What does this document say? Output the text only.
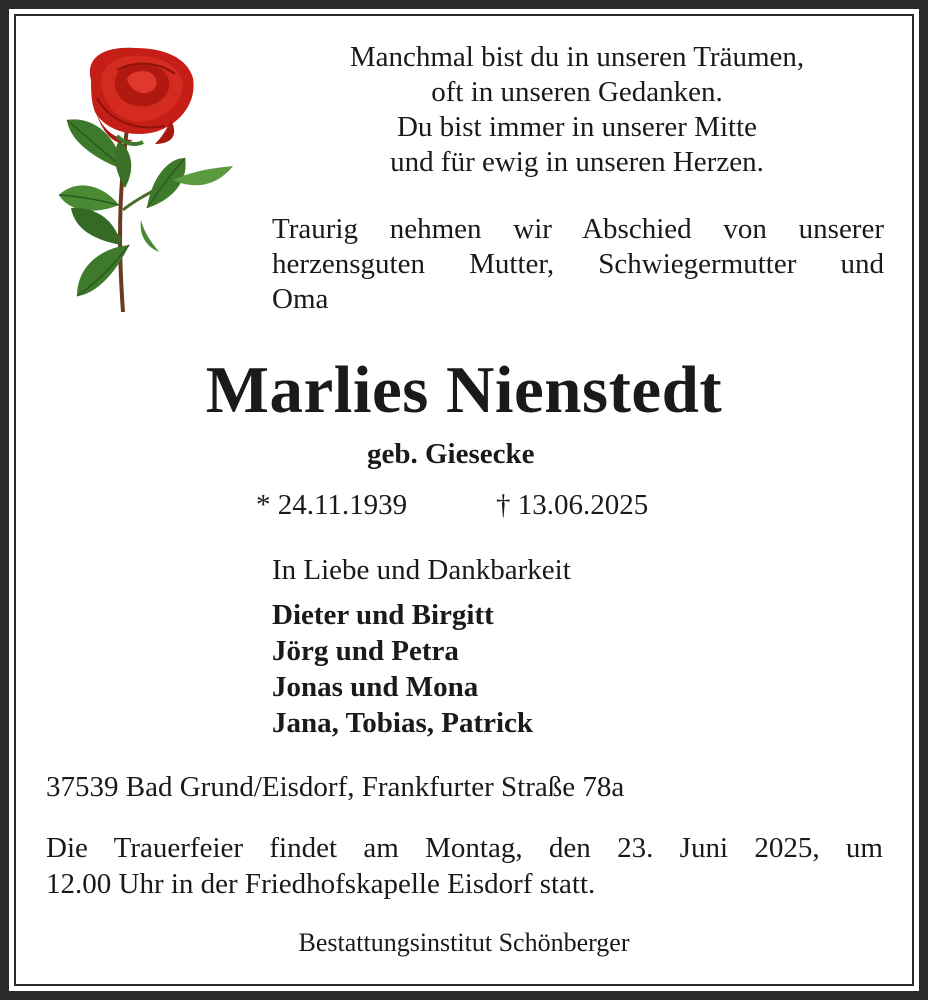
Manchmal bist du in unseren Träumen,
oft in unseren Gedanken.
Du bist immer in unserer Mitte
und für ewig in unseren Herzen.
Traurig nehmen wir Abschied von unserer
herzensguten Mutter, Schwiegermutter und
Oma
Marlies Nienstedt
geb. Giesecke
* 24.11.1939	† 13.06.2025
In Liebe und Dankbarkeit
Dieter und Birgitt
Jörg und Petra
Jonas und Mona
Jana, Tobias, Patrick
37539 Bad Grund/Eisdorf, Frankfurter Straße 78a
Die Trauerfeier findet am Montag, den 23. Juni 2025, um
12.00 Uhr in der Friedhofskapelle Eisdorf statt.
Bestattungsinstitut Schönberger
